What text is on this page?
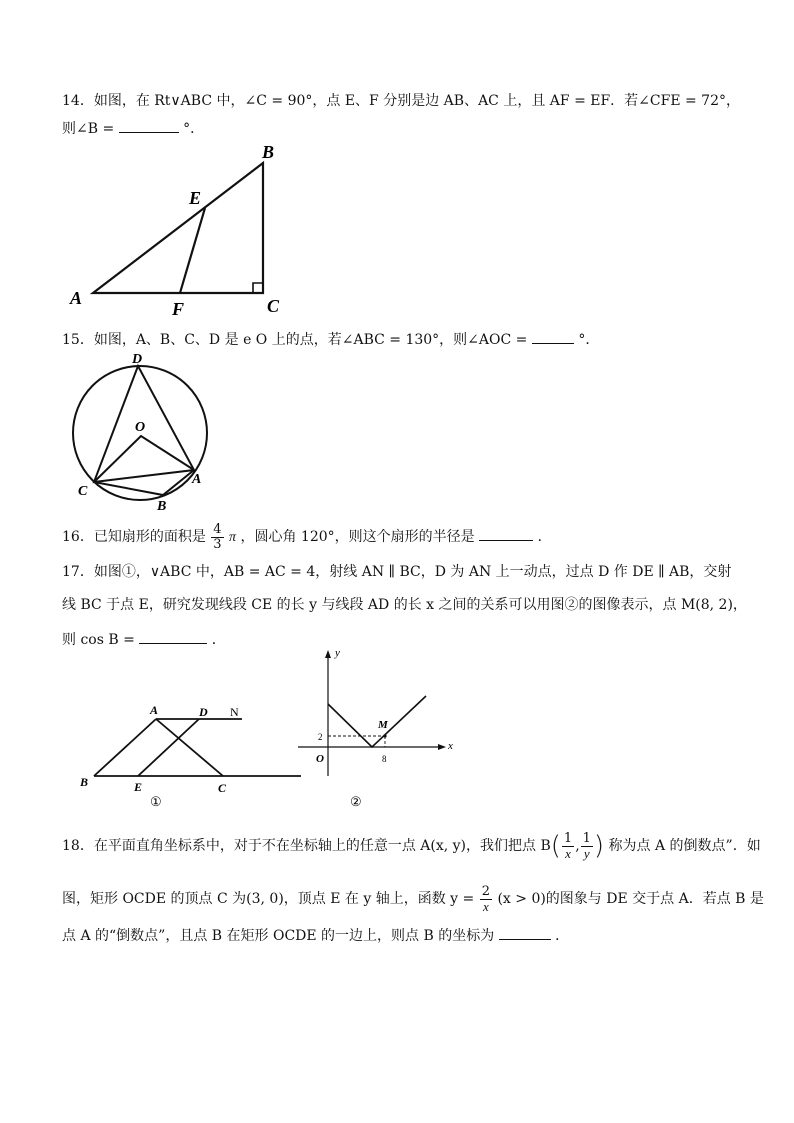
14．如图，在 Rt∨ABC 中，∠C = 90°，点 E、F 分别是边 AB、AC 上，且 AF = EF．若∠CFE = 72°，
则∠B =	°．
A
B
C
E
F
15．如图，A、B、C、D 是 e O 上的点，若∠ABC = 130°，则∠AOC =	°．
D
O
C
A
B
16．已知扇形的面积是 $\frac{4}{3}$ π ，圆心角 120°，则这个扇形的半径是	．
17．如图①，∨ABC 中，AB = AC = 4，射线 AN ∥ BC，D 为 AN 上一动点，过点 D 作 DE ∥ AB，交射
线 BC 于点 E，研究发现线段 CE 的长 y 与线段 AD 的长 x 之间的关系可以用图②的图像表示，点 M(8, 2)，
则 cos B =	．
A	D N
B	E	C
①
y
x
O
M
2
8
②
18．在平面直角坐标系中，对于不在坐标轴上的任意一点 A(x, y)，我们把点 $B( \frac{1}{x}$ , $\frac{1}{y}$ ) 称为点 A 的倒数点”．如
图，矩形 OCDE 的顶点 C 为(3, 0)，顶点 E 在 y 轴上，函数 $y = \frac{2}{x} (x > 0)$的图象与 DE 交于点 A．若点 B 是
点 A 的“倒数点”，且点 B 在矩形 OCDE 的一边上，则点 B 的坐标为	．
